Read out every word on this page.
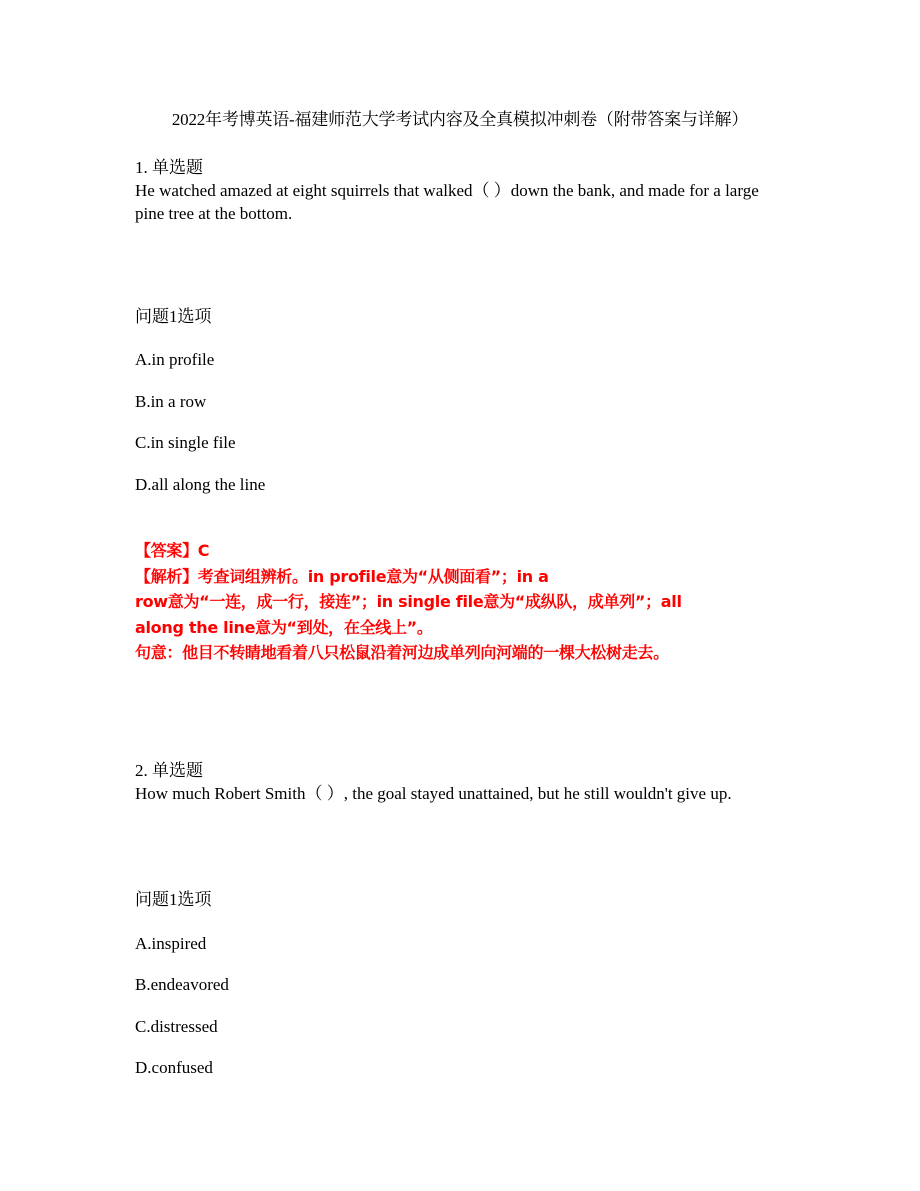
2022年考博英语-福建师范大学考试内容及全真模拟冲刺卷（附带答案与详解）
1. 单选题
He watched amazed at eight squirrels that walked（ ）down the bank, and made for a large pine tree at the bottom.
问题1选项
A.in profile
B.in a row
C.in single file
D.all along the line
【答案】C
【解析】考查词组辨析。in profile意为“从侧面看”；in a
row意为“一连，成一行，接连”；in single file意为“成纵队，成单列”；all
along the line意为“到处，在全线上”。
句意：他目不转睛地看着八只松鼠沿着河边成单列向河端的一棵大松树走去。
2. 单选题
How much Robert Smith（ ）, the goal stayed unattained, but he still wouldn't give up.
问题1选项
A.inspired
B.endeavored
C.distressed
D.confused
